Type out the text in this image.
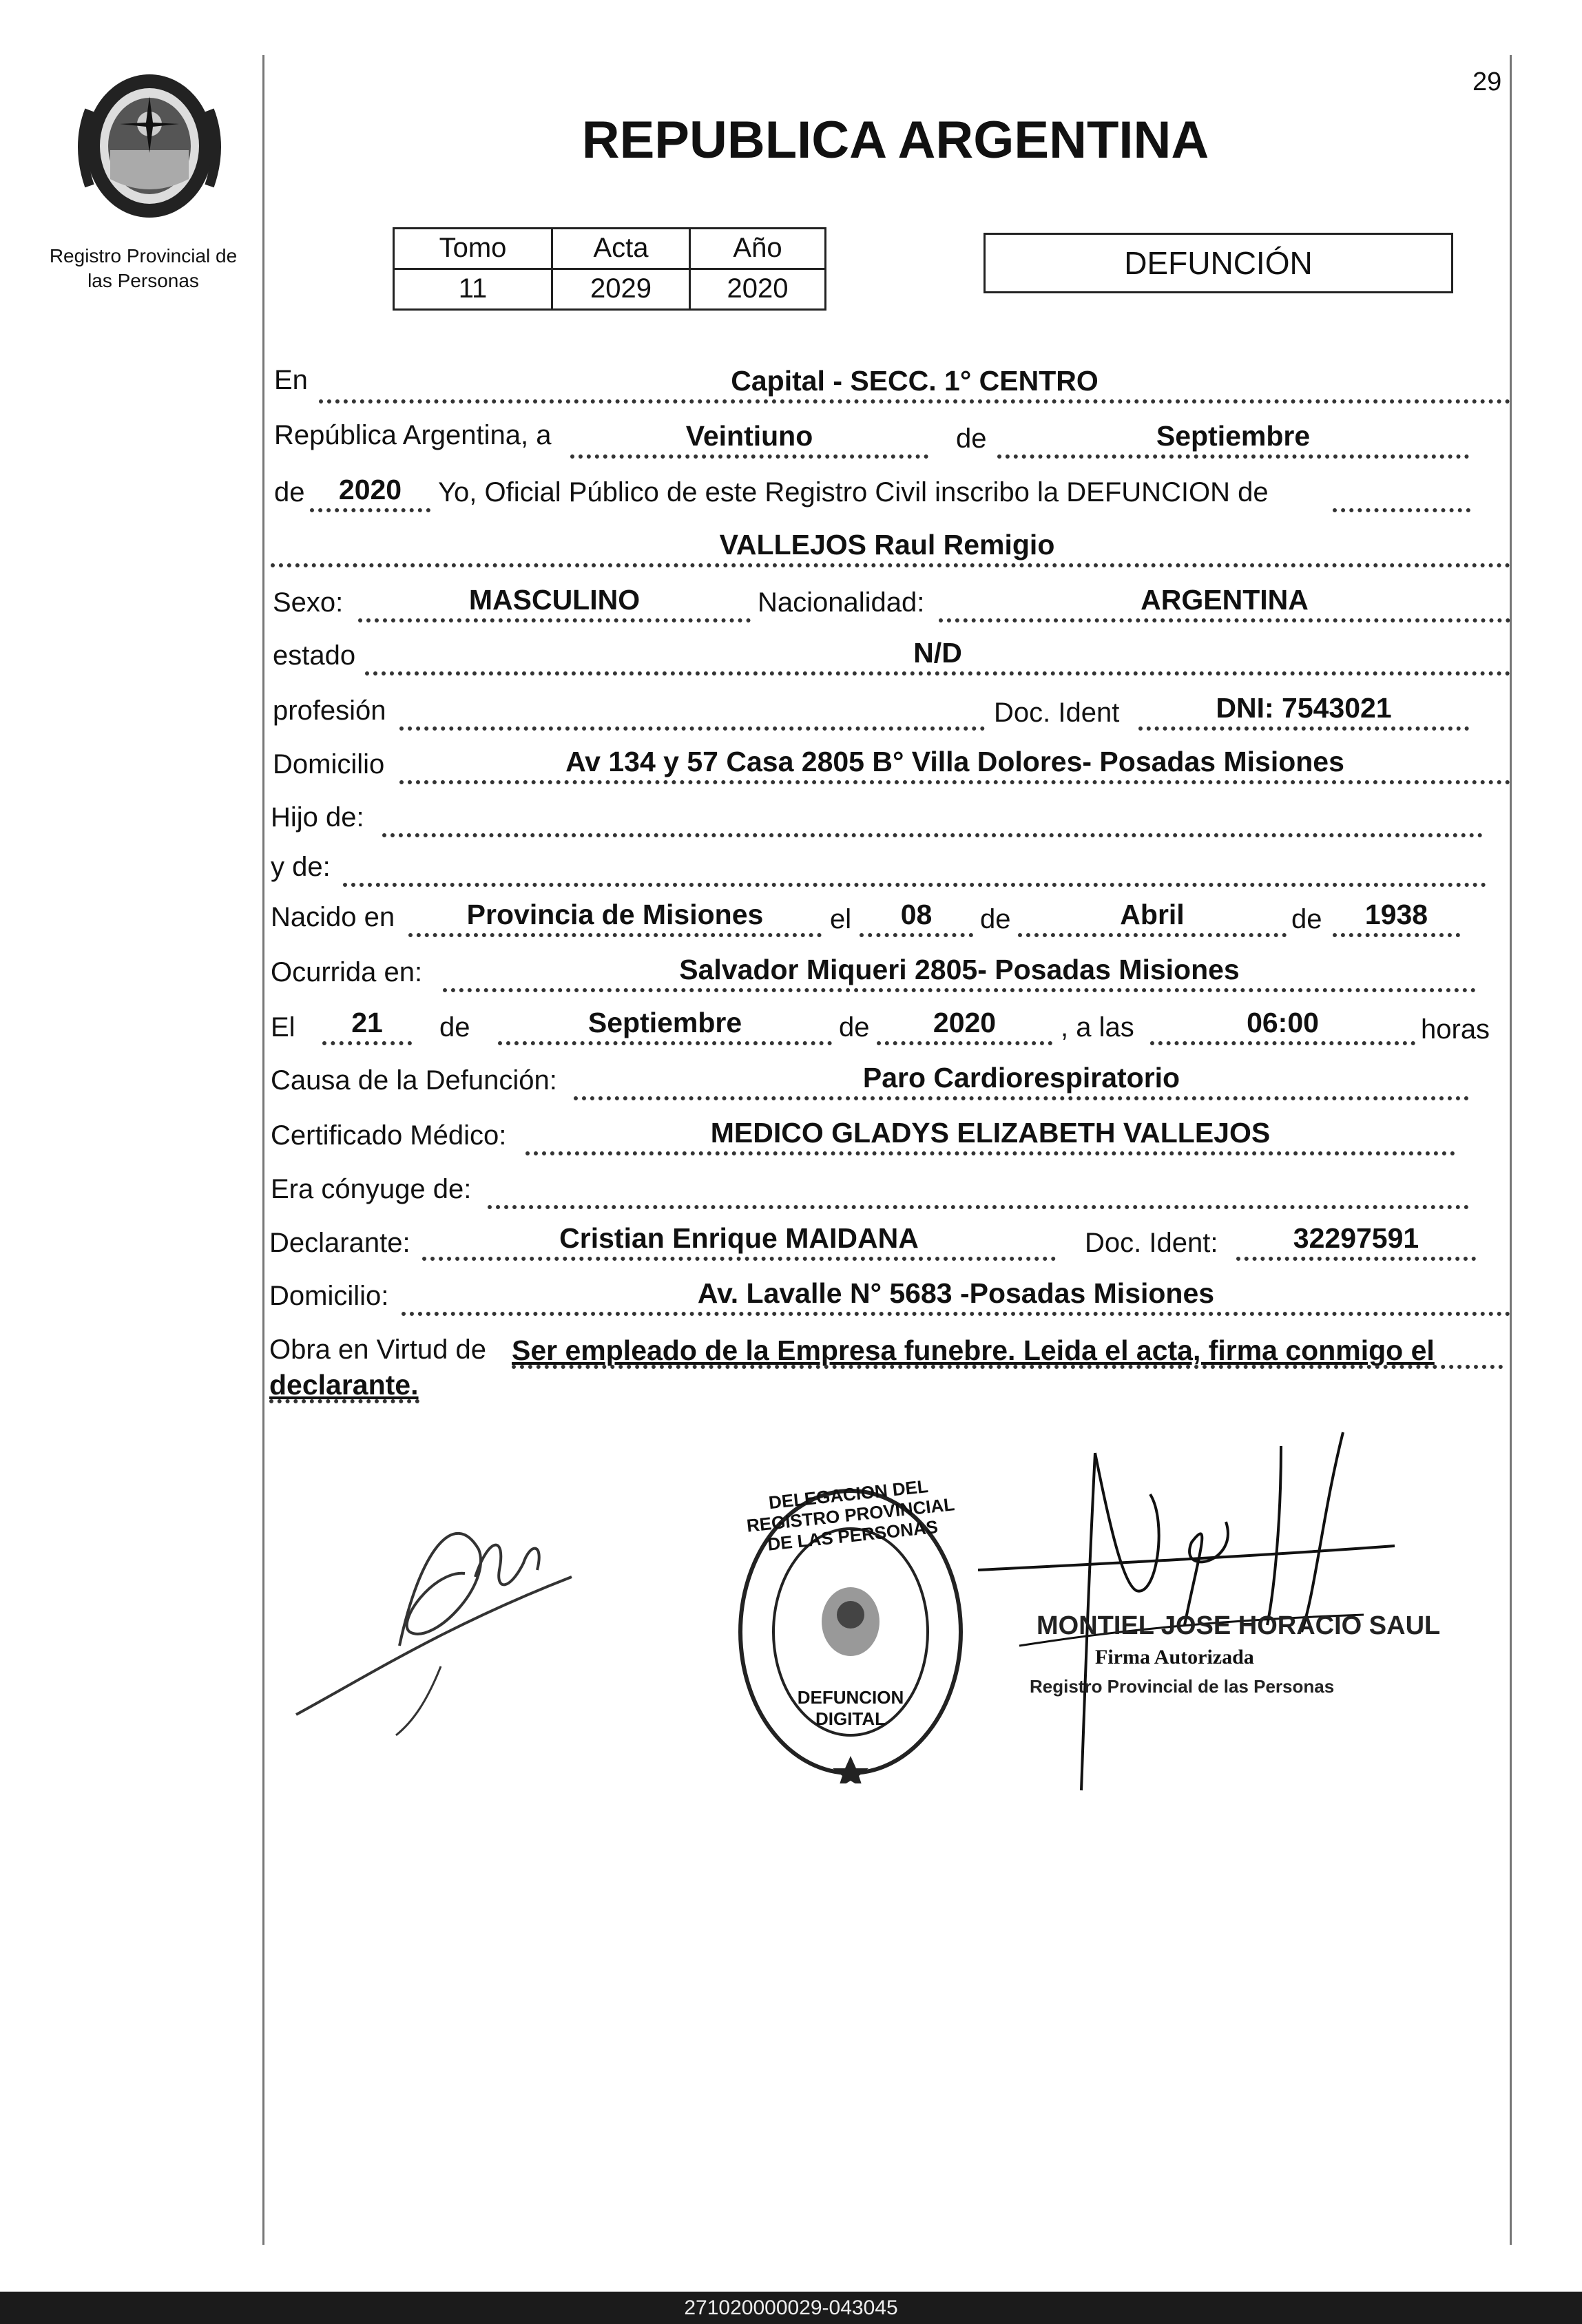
29
Registro Provincial de
las Personas
REPUBLICA ARGENTINA
Tomo	Acta	Año
11	2029	2020
DEFUNCIÓN
En	Capital - SECC. 1° CENTRO
República Argentina, a	Veintiuno	de	Septiembre
de	2020	Yo, Oficial Público de este Registro Civil inscribo la DEFUNCION de
VALLEJOS Raul Remigio
Sexo:	MASCULINO	Nacionalidad:	ARGENTINA
estado	N/D
profesión	Doc. Ident	DNI: 7543021
Domicilio	Av 134 y 57 Casa 2805 B° Villa Dolores- Posadas Misiones
Hijo de:
y de:
Nacido en	Provincia de Misiones	el	08	de	Abril	de	1938
Ocurrida en:	Salvador Miqueri 2805- Posadas Misiones
El	21	de	Septiembre	de	2020	, a las	06:00	horas
Causa de la Defunción:	Paro Cardiorespiratorio
Certificado Médico:	MEDICO GLADYS ELIZABETH VALLEJOS
Era cónyuge de:
Declarante:	Cristian Enrique MAIDANA	Doc. Ident:	32297591
Domicilio:	Av. Lavalle N° 5683 -Posadas Misiones
Obra en Virtud de Ser empleado de la Empresa funebre. Leida el acta, firma conmigo el
declarante.
DELEGACION DEL REGISTRO PROVINCIAL DE LAS PERSONAS
DEFUNCION DIGITAL
MONTIEL JOSE HORACIO SAUL
Firma Autorizada
Registro Provincial de las Personas
271020000029-043045
